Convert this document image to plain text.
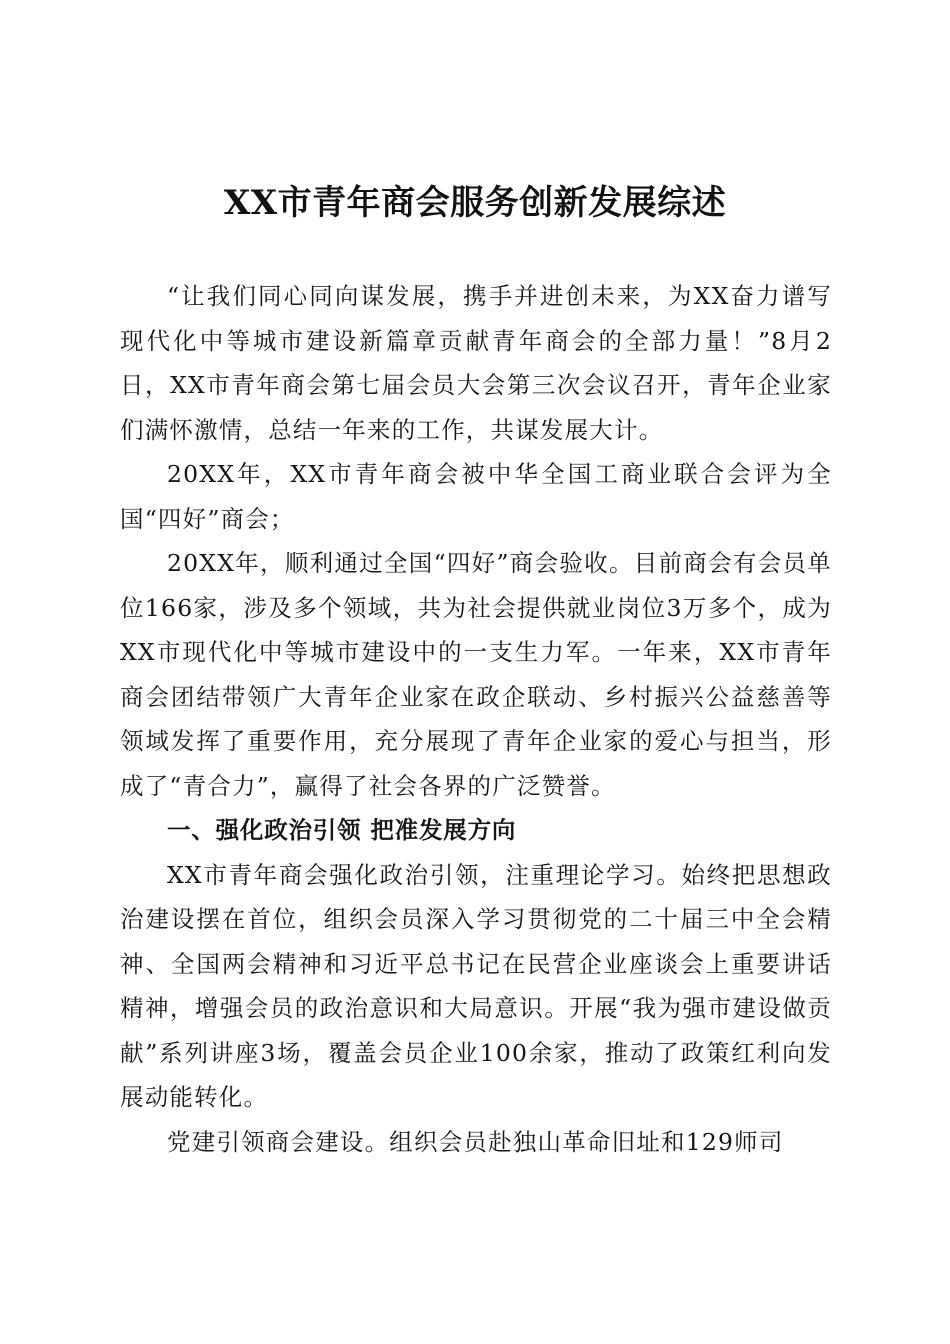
XX市青年商会服务创新发展综述

“让我们同心同向谋发展，携手并进创未来，为XX奋力谱写现代化中等城市建设新篇章贡献青年商会的全部力量！”8月2日，XX市青年商会第七届会员大会第三次会议召开，青年企业家们满怀激情，总结一年来的工作，共谋发展大计。

20XX年，XX市青年商会被中华全国工商业联合会评为全国“四好”商会；

20XX年，顺利通过全国“四好”商会验收。目前商会有会员单位166家，涉及多个领域，共为社会提供就业岗位3万多个，成为XX市现代化中等城市建设中的一支生力军。一年来，XX市青年商会团结带领广大青年企业家在政企联动、乡村振兴公益慈善等领域发挥了重要作用，充分展现了青年企业家的爱心与担当，形成了“青合力”，赢得了社会各界的广泛赞誉。

一、强化政治引领 把准发展方向

XX市青年商会强化政治引领，注重理论学习。始终把思想政治建设摆在首位，组织会员深入学习贯彻党的二十届三中全会精神、全国两会精神和习近平总书记在民营企业座谈会上重要讲话精神，增强会员的政治意识和大局意识。开展“我为强市建设做贡献”系列讲座3场，覆盖会员企业100余家，推动了政策红利向发展动能转化。

党建引领商会建设。组织会员赴独山革命旧址和129师司
